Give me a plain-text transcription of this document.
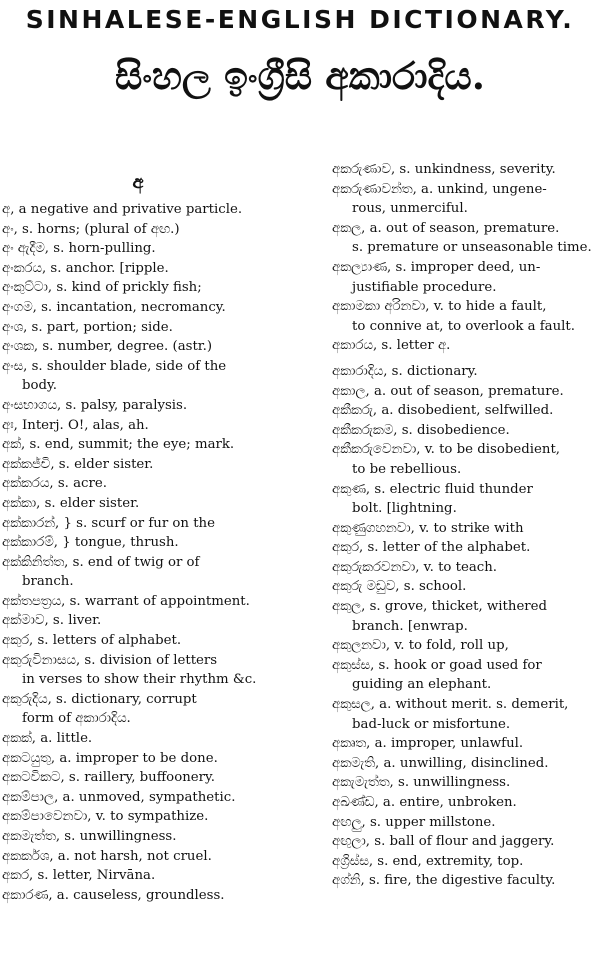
SINHALESE-ENGLISH DICTIONARY.
සිංහල ඉංග්‍රීසි අකාරාදිය.
අ
අ, a negative and privative particle.
අං, s. horns; (plural of අඟ.)
අං ඇදීම, s. horn-pulling.
අංකරය, s. anchor. [ripple.
අංකුට්ටා, s. kind of prickly fish;
අංගම, s. incantation, necromancy.
අංශ, s. part, portion; side.
අංශක, s. number, degree. (astr.)
අංස, s. shoulder blade, side of the
body.
අංසභාගය, s. palsy, paralysis.
අඃ, Interj. O!, alas, ah.
අක්, s. end, summit; the eye; mark.
අක්කජ්චි, s. elder sister.
අක්කරය, s. acre.
අක්කා, s. elder sister.
අක්කාරන්, } s. scurf or fur on the
අක්කාරම්, } tongue, thrush.
අක්කිනිත්ත, s. end of twig or of
branch.
අක්තපත්‍රය, s. warrant of appointment.
අක්මාව, s. liver.
අකුර, s. letters of alphabet.
අකුරුවිනාසය, s. division of letters
in verses to show their rhythm &c.
අකුරුදිය, s. dictionary, corrupt
form of අකාරාදිය.
අකක්, a. little.
අකටයුතු, a. improper to be done.
අකටවිකට, s. raillery, buffoonery.
අකම්පාල, a. unmoved, sympathetic.
අකම්පාවෙනවා, v. to sympathize.
අකමැත්ත, s. unwillingness.
අකර්කශ, a. not harsh, not cruel.
අකර, s. letter, Nirvāna.
අකාරණ, a. causeless, groundless.
අකරුණාව, s. unkindness, severity.
අකරුණාවන්ත, a. unkind, ungene-
rous, unmerciful.
අකල, a. out of season, premature.
s. premature or unseasonable time.
අකල්‍යාණ, s. improper deed, un-
justifiable procedure.
අකාමකා අරිනවා, v. to hide a fault,
to connive at, to overlook a fault.
අකාරය, s. letter අ.
අකාරාදිය, s. dictionary.
අකාල, a. out of season, premature.
අකීකරු, a. disobedient, selfwilled.
අකීකරුකම, s. disobedience.
අකීකරුවෙනවා, v. to be disobedient,
to be rebellious.
අකුණ, s. electric fluid thunder
bolt. [lightning.
අකුණුගහනවා, v. to strike with
අකුර, s. letter of the alphabet.
අකුරුකරවනවා, v. to teach.
අකුරු මඩුව, s. school.
අකුල, s. grove, thicket, withered
branch. [enwrap.
අකුලනවා, v. to fold, roll up,
අකුස්ස, s. hook or goad used for
guiding an elephant.
අකුසල, a. without merit. s. demerit,
bad-luck or misfortune.
අකෘත, a. improper, unlawful.
අකමැති, a. unwilling, disinclined.
අකැමැත්ත, s. unwillingness.
අඛණ්ඩ, a. entire, unbroken.
අඟලු, s. upper millstone.
අඟුලා, s. ball of flour and jaggery.
අග්‍රිස්ස, s. end, extremity, top.
අග්නි, s. fire, the digestive faculty.
